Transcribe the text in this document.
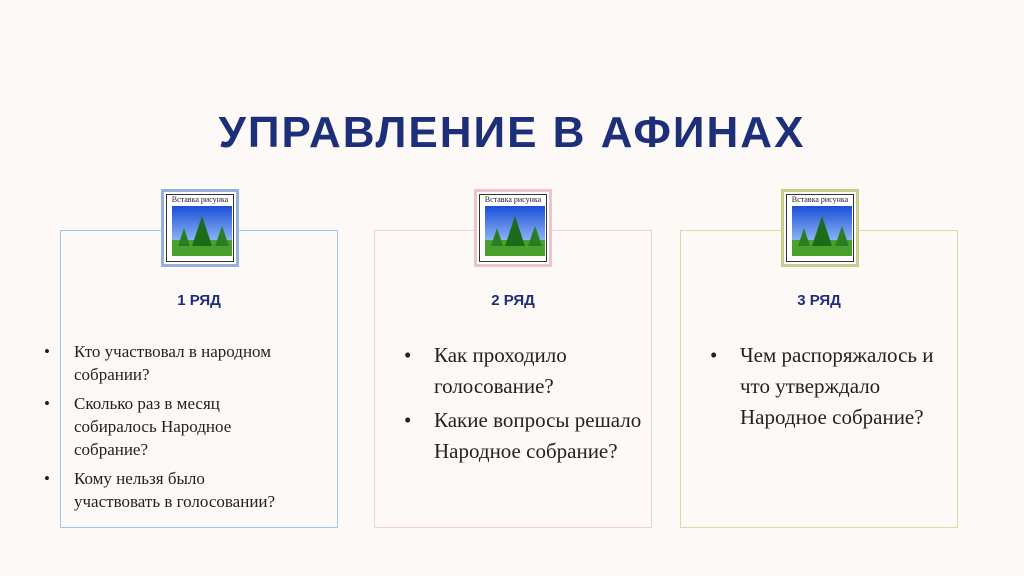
УПРАВЛЕНИЕ В АФИНАХ
Вставка рисунка
1 РЯД
• Кто участвовал в народном собрании?
• Сколько раз в месяц собиралось Народное собрание?
• Кому нельзя было участвовать в голосовании?
Вставка рисунка
2 РЯД
• Как проходило голосование?
• Какие вопросы решало Народное собрание?
Вставка рисунка
3 РЯД
• Чем распоряжалось и что утверждало Народное собрание?
